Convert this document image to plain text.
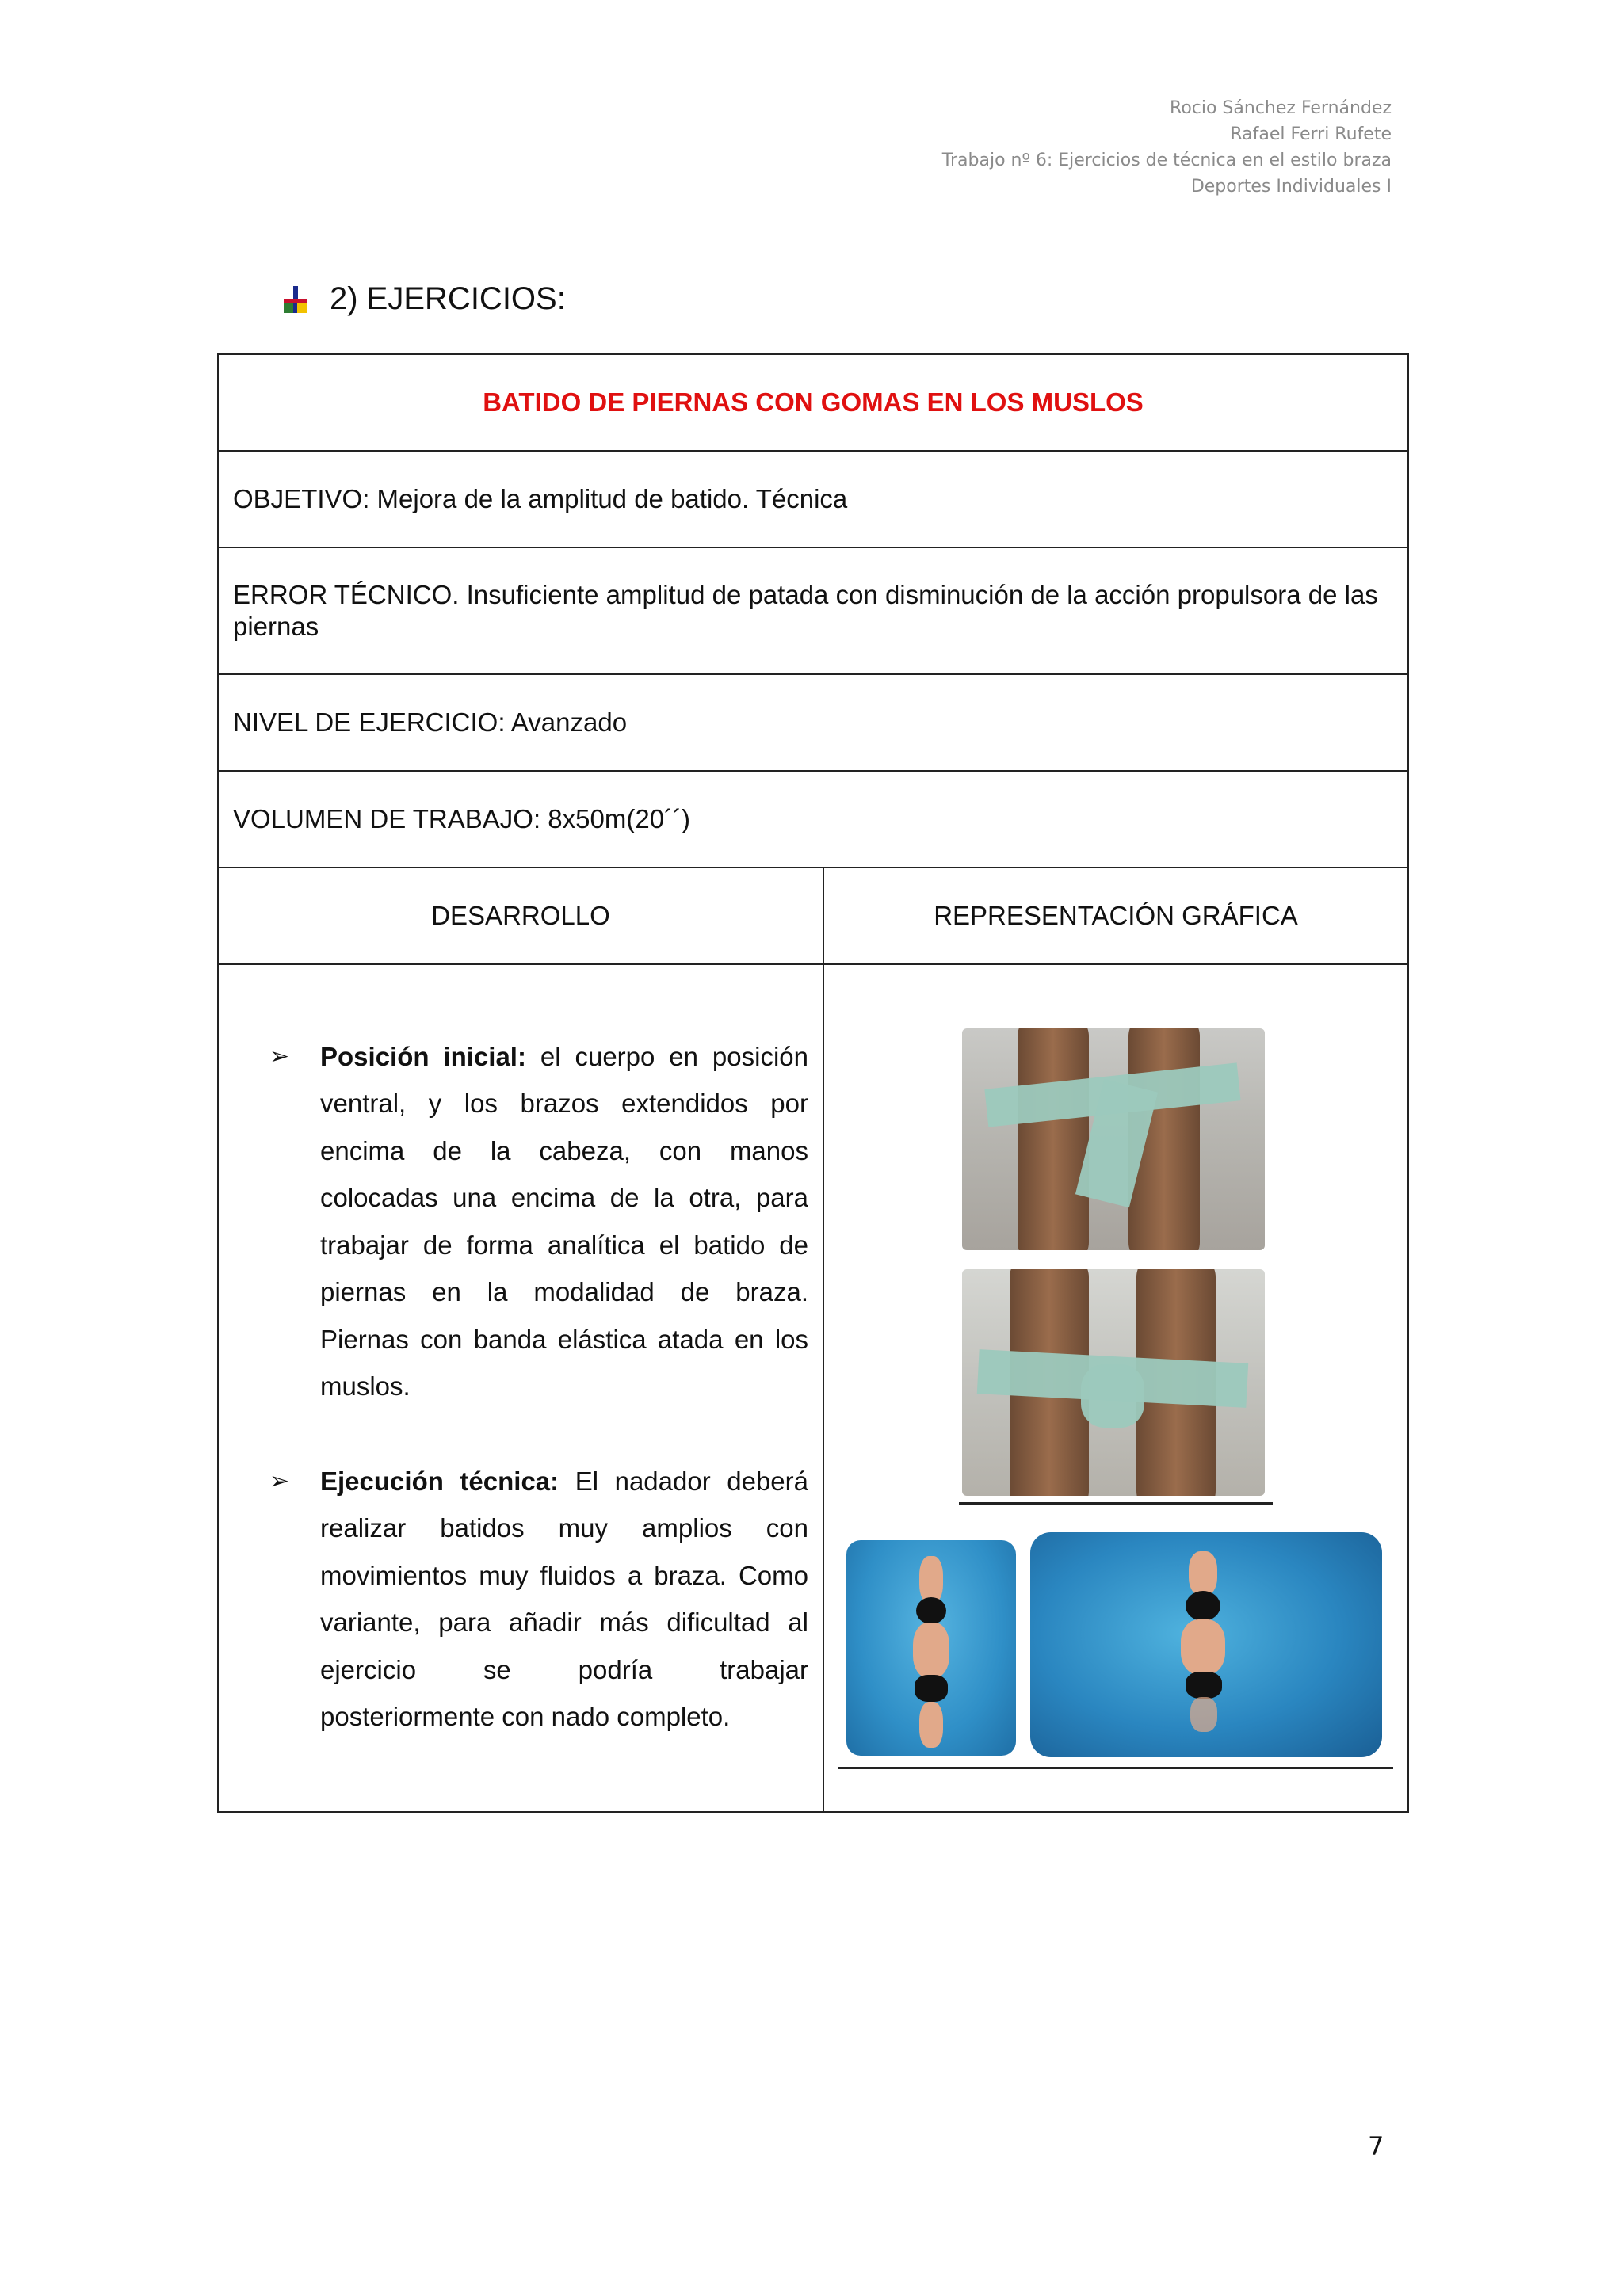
Rocio Sánchez Fernández
Rafael Ferri Rufete
Trabajo nº 6: Ejercicios de técnica en el estilo braza
Deportes Individuales I
2) EJERCICIOS:
BATIDO DE PIERNAS CON GOMAS EN LOS MUSLOS	
OBJETIVO: Mejora de la amplitud de batido. Técnica	
ERROR TÉCNICO. Insuficiente amplitud de patada con disminución de la acción propulsora de las piernas	
NIVEL DE EJERCICIO: Avanzado	
VOLUMEN DE TRABAJO: 8x50m(20´´)	
DESARROLLO	REPRESENTACIÓN GRÁFICA

➢ Posición inicial: el cuerpo en posición ventral, y los brazos extendidos por encima de la cabeza, con manos colocadas una encima de la otra, para trabajar de forma analítica el batido de piernas en la modalidad de braza. Piernas con banda elástica atada en los muslos.
➢ Ejecución técnica: El nadador deberá realizar batidos muy amplios con movimientos muy fluidos a braza. Como variante, para añadir más dificultad al ejercicio se podría trabajar posteriormente con nado completo.	

7
